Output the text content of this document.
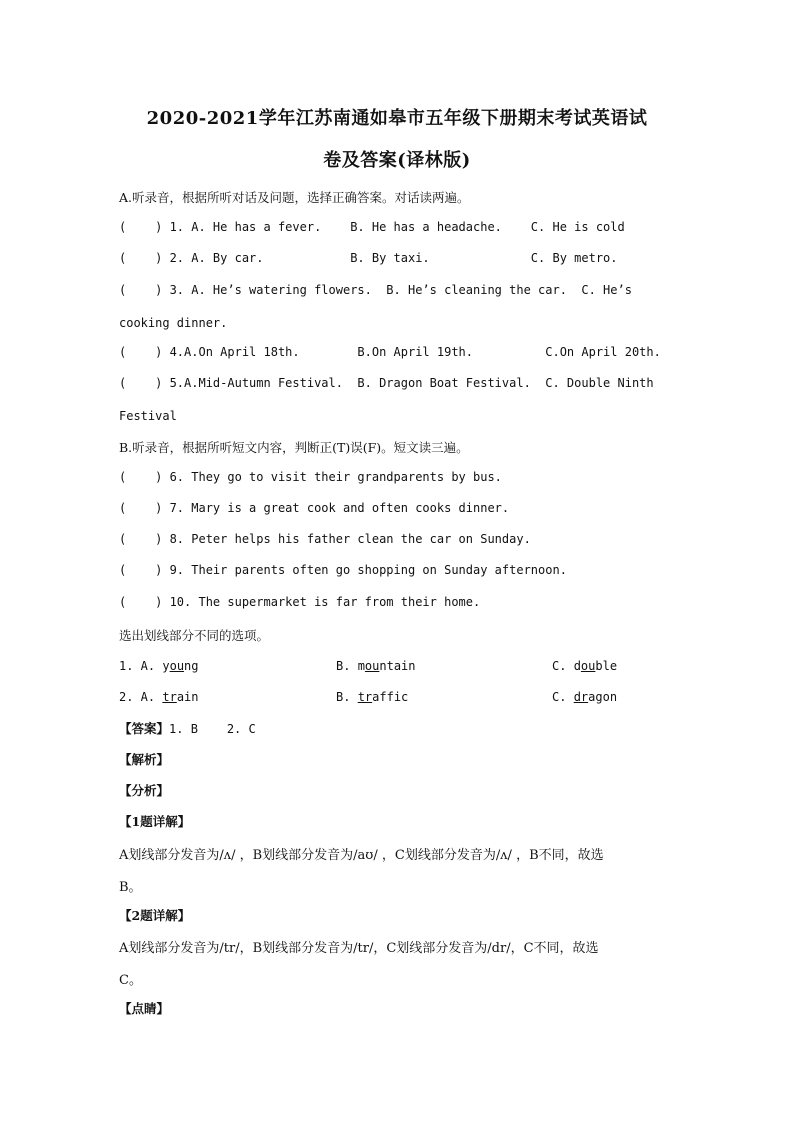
2020-2021学年江苏南通如皋市五年级下册期末考试英语试
卷及答案(译林版)
A.听录音，根据所听对话及问题，选择正确答案。对话读两遍。
(    ) 1. A. He has a fever.    B. He has a headache.    C. He is cold
(    ) 2. A. By car.            B. By taxi.              C. By metro.
(    ) 3. A. He’s watering flowers.  B. He’s cleaning the car.  C. He’s
cooking dinner.
(    ) 4.A.On April 18th.        B.On April 19th.          C.On April 20th.
(    ) 5.A.Mid-Autumn Festival.  B. Dragon Boat Festival.  C. Double Ninth
Festival
B.听录音，根据所听短文内容，判断正(T)误(F)。短文读三遍。
(    ) 6. They go to visit their grandparents by bus.
(    ) 7. Mary is a great cook and often cooks dinner.
(    ) 8. Peter helps his father clean the car on Sunday.
(    ) 9. Their parents often go shopping on Sunday afternoon.
(    ) 10. The supermarket is far from their home.
选出划线部分不同的选项。
1. A. young	B. mountain	C. double
2. A. train	B. traffic	C. dragon
【答案】1. B    2. C
【解析】
【分析】
【1题详解】
A划线部分发音为/ʌ/ ，B划线部分发音为/aʊ/ ，C划线部分发音为/ʌ/ ，B不同，故选
B。
【2题详解】
A划线部分发音为/tr/，B划线部分发音为/tr/，C划线部分发音为/dr/，C不同，故选
C。
【点睛】
